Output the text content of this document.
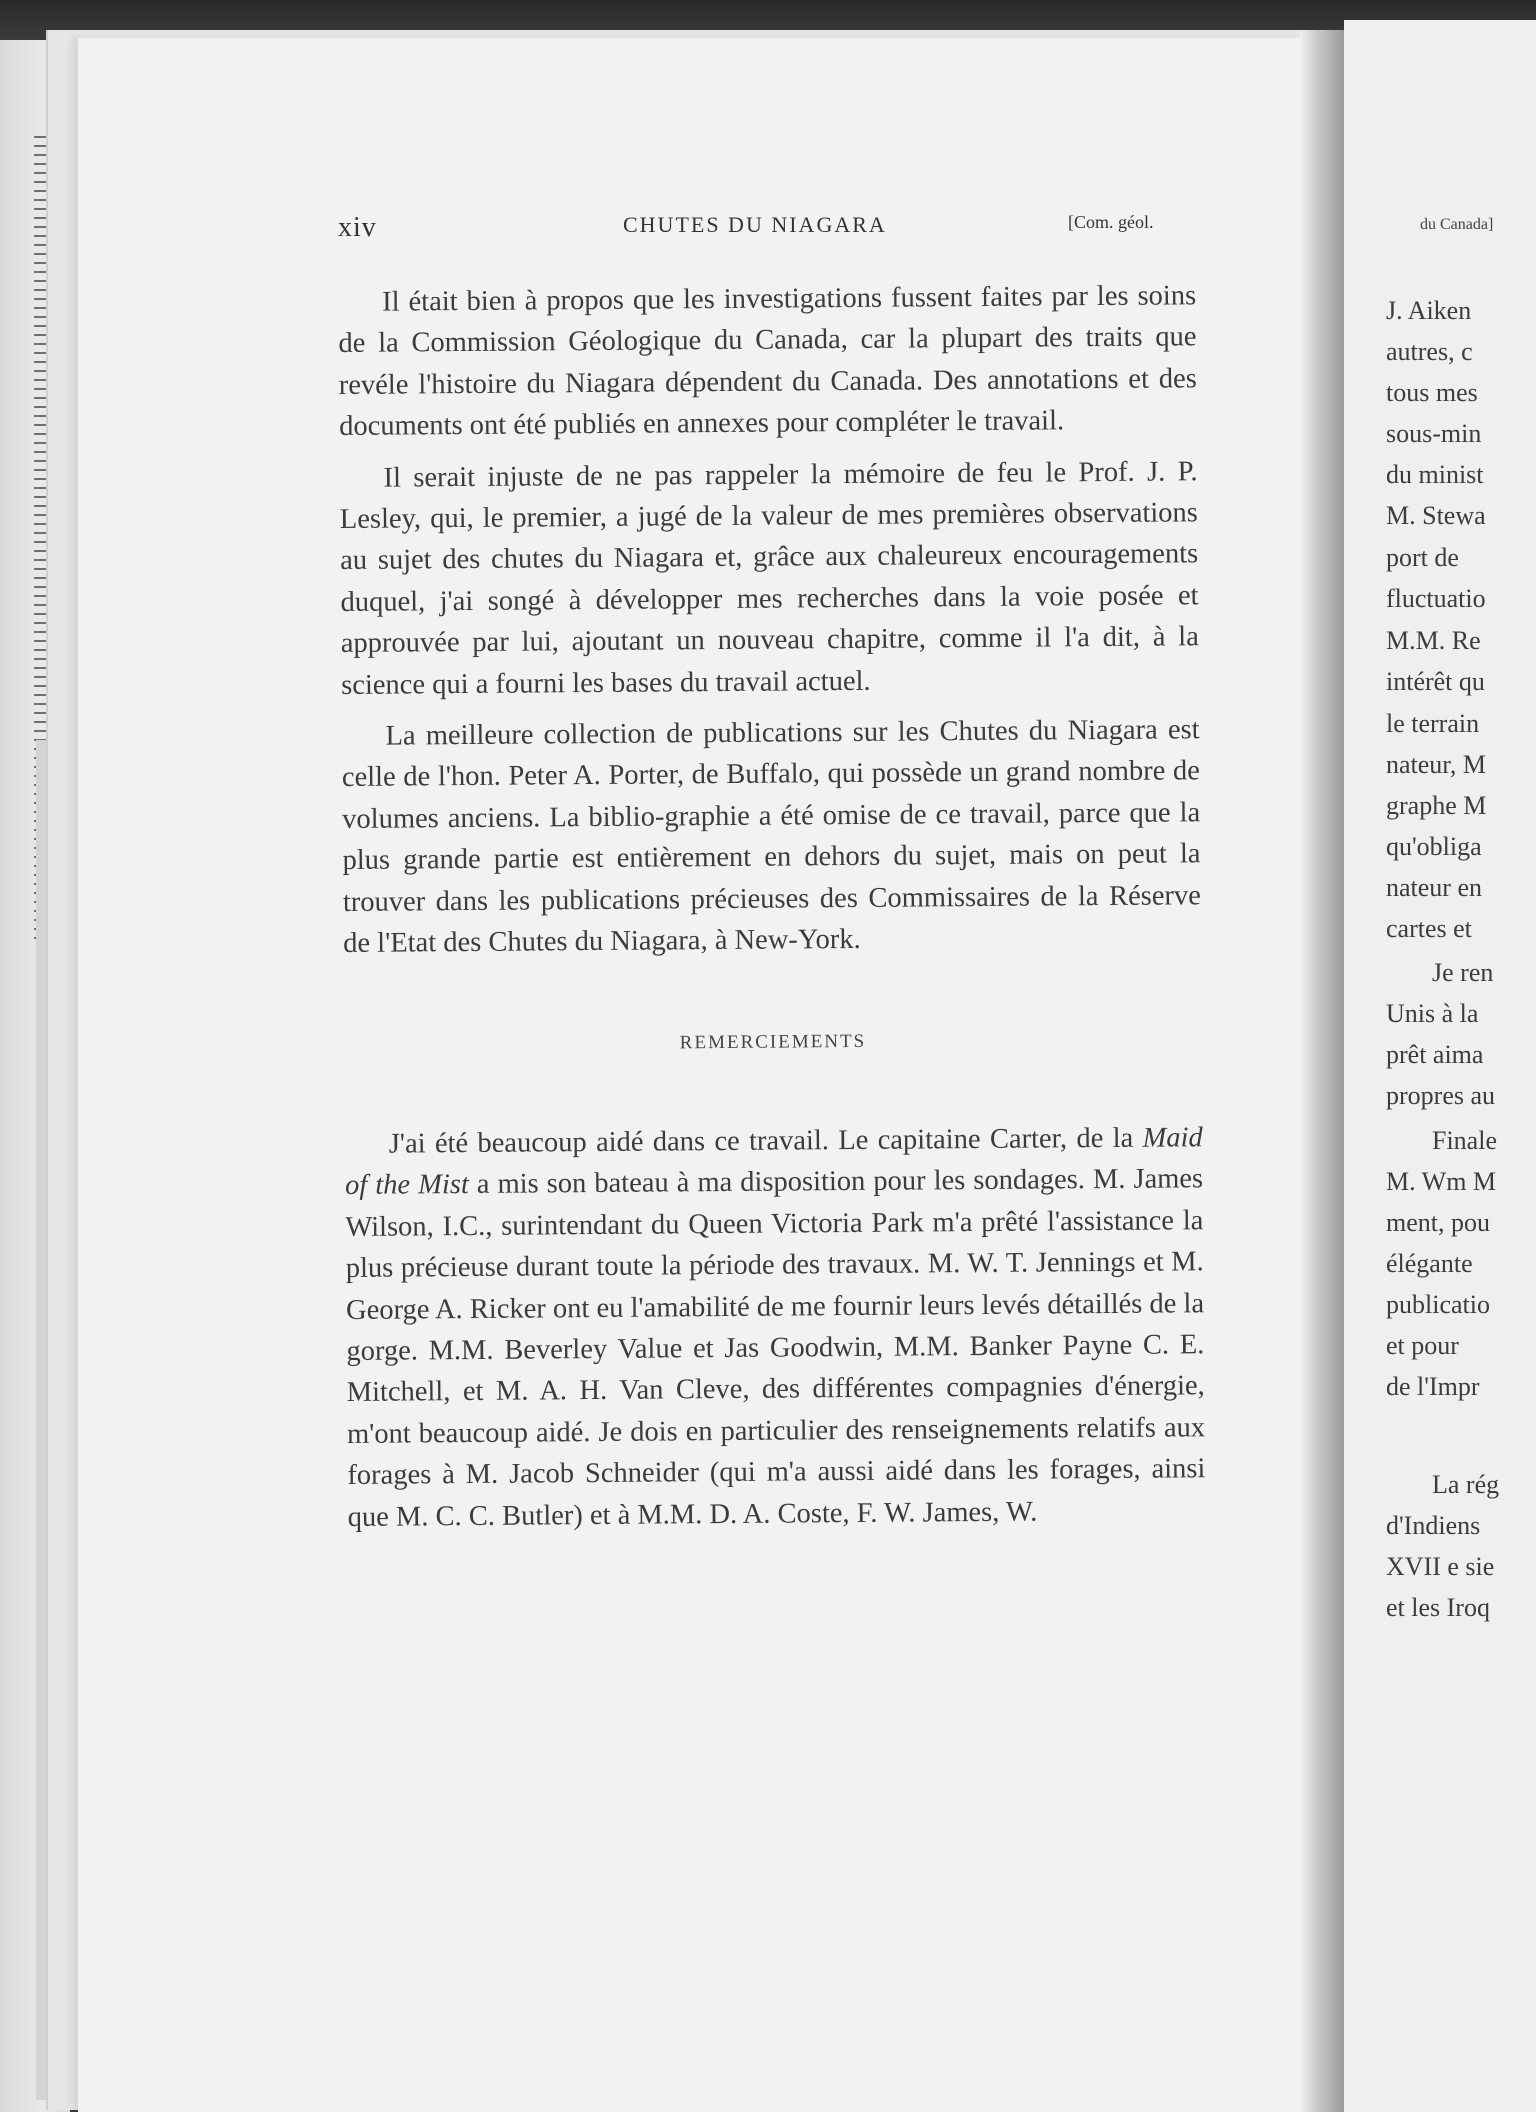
xiv	CHUTES DU NIAGARA	[Com. géol.

Il était bien à propos que les investigations fussent faites par les soins de la Commission Géologique du Canada, car la plupart des traits que revéle l'histoire du Niagara dépendent du Canada. Des annotations et des documents ont été publiés en annexes pour compléter le travail.

Il serait injuste de ne pas rappeler la mémoire de feu le Prof. J. P. Lesley, qui, le premier, a jugé de la valeur de mes premières observations au sujet des chutes du Niagara et, grâce aux chaleureux encouragements duquel, j'ai songé à développer mes recherches dans la voie posée et approuvée par lui, ajoutant un nouveau chapitre, comme il l'a dit, à la science qui a fourni les bases du travail actuel.

La meilleure collection de publications sur les Chutes du Niagara est celle de l'hon. Peter A. Porter, de Buffalo, qui possède un grand nombre de volumes anciens. La biblio-graphie a été omise de ce travail, parce que la plus grande partie est entièrement en dehors du sujet, mais on peut la trouver dans les publications précieuses des Commissaires de la Réserve de l'Etat des Chutes du Niagara, à New-York.

REMERCIEMENTS

J'ai été beaucoup aidé dans ce travail. Le capitaine Carter, de la Maid of the Mist a mis son bateau à ma disposition pour les sondages. M. James Wilson, I.C., surintendant du Queen Victoria Park m'a prêté l'assistance la plus précieuse durant toute la période des travaux. M. W. T. Jennings et M. George A. Ricker ont eu l'amabilité de me fournir leurs levés détaillés de la gorge. M.M. Beverley Value et Jas Goodwin, M.M. Banker Payne C. E. Mitchell, et M. A. H. Van Cleve, des différentes compagnies d'énergie, m'ont beaucoup aidé. Je dois en particulier des renseignements relatifs aux forages à M. Jacob Schneider (qui m'a aussi aidé dans les forages, ainsi que M. C. C. Butler) et à M.M. D. A. Coste, F. W. James, W.

du Canada]
J. Aiken
autres, c
tous mes
sous-min
du minist
M. Stewa
port de
fluctuatio
M.M. Re
intérêt qu
le terrain
nateur, M
graphe M
qu'obliga
nateur en
cartes et
Je ren
Unis à la
prêt aima
propres au
Finale
M. Wm M
ment, pou
élégante
publicatio
et pour
de l'Impr
La rég
d'Indiens
XVII e sie
et les Iroq
